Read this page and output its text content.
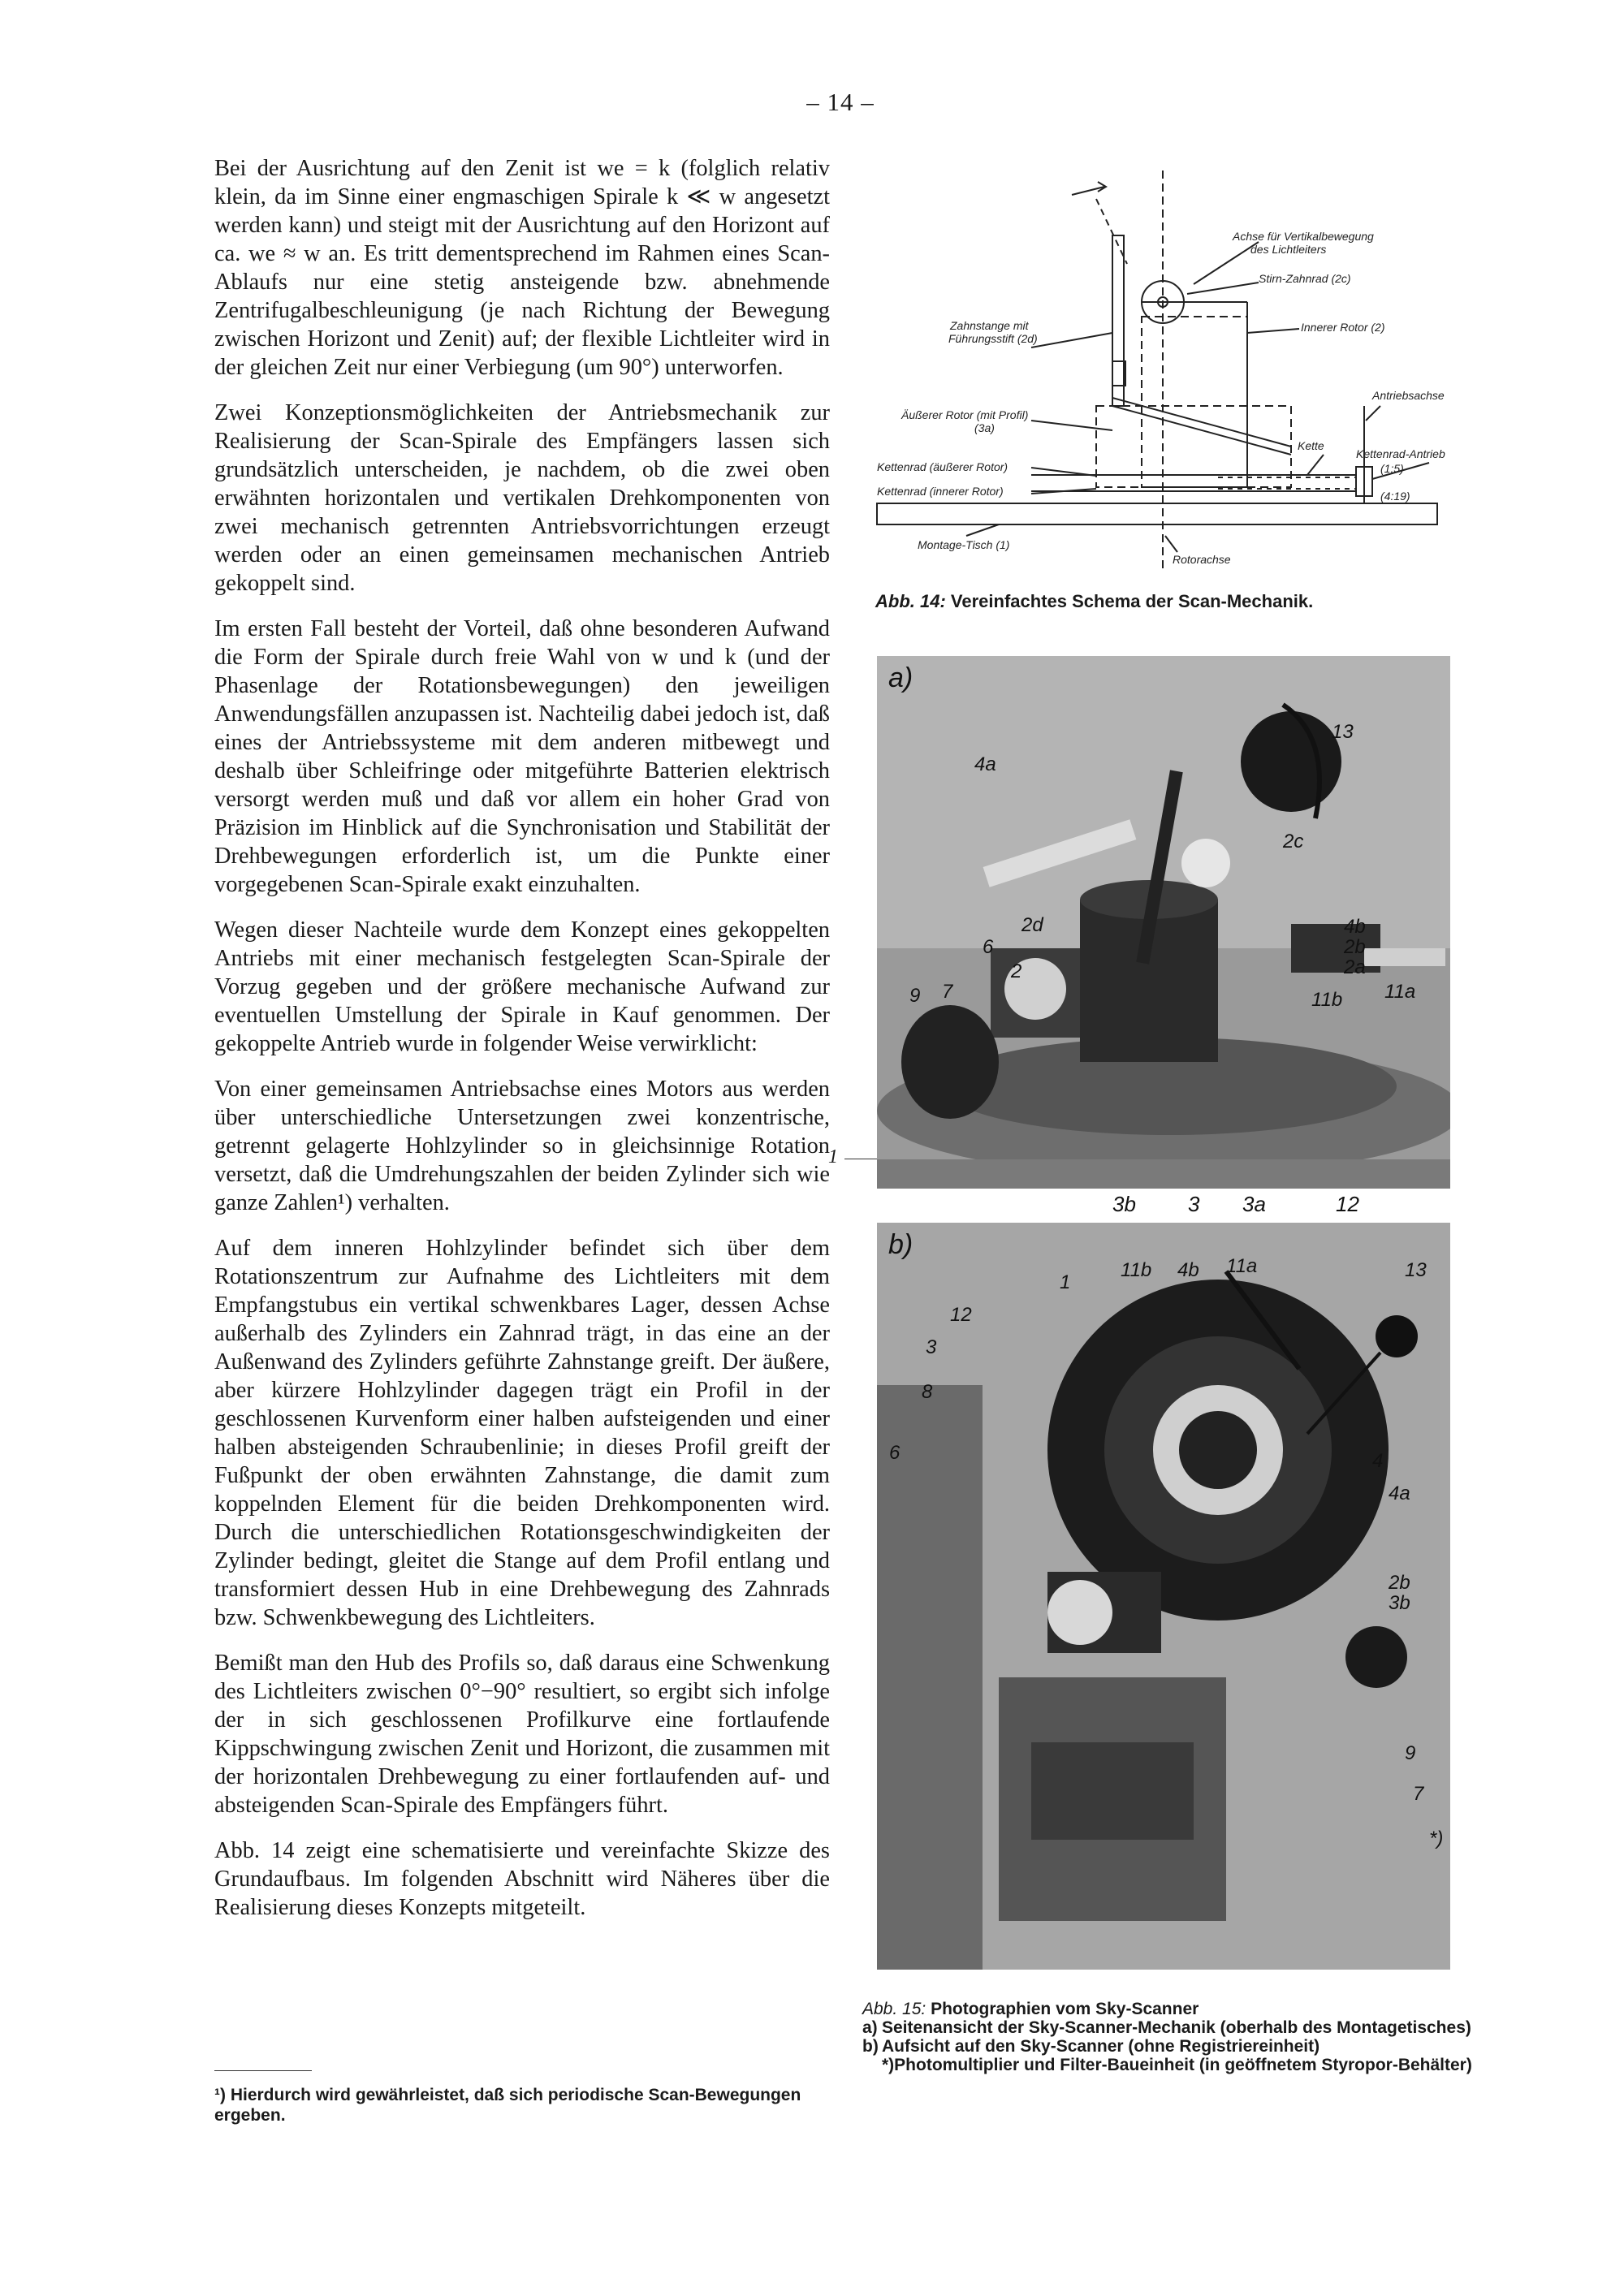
– 14 –

Bei der Ausrichtung auf den Zenit ist we = k (folglich relativ klein, da im Sinne einer engmaschigen Spirale k ≪ w angesetzt werden kann) und steigt mit der Ausrichtung auf den Horizont auf ca. we ≈ w an. Es tritt dementsprechend im Rahmen eines Scan-Ablaufs nur eine stetig ansteigende bzw. abnehmende Zentrifugalbeschleunigung (je nach Richtung der Bewegung zwischen Horizont und Zenit) auf; der flexible Lichtleiter wird in der gleichen Zeit nur einer Verbiegung (um 90°) unterworfen.

Zwei Konzeptionsmöglichkeiten der Antriebsmechanik zur Realisierung der Scan-Spirale des Empfängers lassen sich grundsätzlich unterscheiden, je nachdem, ob die zwei oben erwähnten horizontalen und vertikalen Drehkomponenten von zwei mechanisch getrennten Antriebsvorrichtungen erzeugt werden oder an einen gemeinsamen mechanischen Antrieb gekoppelt sind.

Im ersten Fall besteht der Vorteil, daß ohne besonderen Aufwand die Form der Spirale durch freie Wahl von w und k (und der Phasenlage der Rotationsbewegungen) den jeweiligen Anwendungsfällen anzupassen ist. Nachteilig dabei jedoch ist, daß eines der Antriebssysteme mit dem anderen mitbewegt und deshalb über Schleifringe oder mitgeführte Batterien elektrisch versorgt werden muß und daß vor allem ein hoher Grad von Präzision im Hinblick auf die Synchronisation und Stabilität der Drehbewegungen erforderlich ist, um die Punkte einer vorgegebenen Scan-Spirale exakt einzuhalten.

Wegen dieser Nachteile wurde dem Konzept eines gekoppelten Antriebs mit einer mechanisch festgelegten Scan-Spirale der Vorzug gegeben und der größere mechanische Aufwand zur eventuellen Umstellung der Spirale in Kauf genommen. Der gekoppelte Antrieb wurde in folgender Weise verwirklicht:

Von einer gemeinsamen Antriebsachse eines Motors aus werden über unterschiedliche Untersetzungen zwei konzentrische, getrennt gelagerte Hohlzylinder so in gleichsinnige Rotation versetzt, daß die Umdrehungszahlen der beiden Zylinder sich wie ganze Zahlen¹) verhalten.

Auf dem inneren Hohlzylinder befindet sich über dem Rotationszentrum zur Aufnahme des Lichtleiters mit dem Empfangstubus ein vertikal schwenkbares Lager, dessen Achse außerhalb des Zylinders ein Zahnrad trägt, in das eine an der Außenwand des Zylinders geführte Zahnstange greift. Der äußere, aber kürzere Hohlzylinder dagegen trägt ein Profil in der geschlossenen Kurvenform einer halben aufsteigenden und einer halben absteigenden Schraubenlinie; in dieses Profil greift der Fußpunkt der oben erwähnten Zahnstange, die damit zum koppelnden Element für die beiden Drehkomponenten wird. Durch die unterschiedlichen Rotationsgeschwindigkeiten der Zylinder bedingt, gleitet die Stange auf dem Profil entlang und transformiert dessen Hub in eine Drehbewegung des Zahnrads bzw. Schwenkbewegung des Lichtleiters.

Bemißt man den Hub des Profils so, daß daraus eine Schwenkung des Lichtleiters zwischen 0°−90° resultiert, so ergibt sich infolge der in sich geschlossenen Profilkurve eine fortlaufende Kippschwingung zwischen Zenit und Horizont, die zusammen mit der horizontalen Drehbewegung zu einer fortlaufenden auf- und absteigenden Scan-Spirale des Empfängers führt.

Abb. 14 zeigt eine schematisierte und vereinfachte Skizze des Grundaufbaus. Im folgenden Abschnitt wird Näheres über die Realisierung dieses Konzepts mitgeteilt.

1
¹) Hierdurch wird gewährleistet, daß sich periodische Scan-Bewegungen ergeben.
Achse für Vertikalbewegung
des Lichtleiters
Stirn-Zahnrad (2c)
Zahnstange mit
Führungsstift (2d)
Innerer Rotor (2)
Antriebsachse
Äußerer Rotor (mit Profil)
(3a)
Kette
Kettenrad-Antrieb
(1:5)
(4:19)
Kettenrad (äußerer Rotor)
Kettenrad (innerer Rotor)
Montage-Tisch (1)
Rotorachse
Abb. 14: Vereinfachtes Schema der Scan-Mechanik.
a)
4a
13
2c
2d
6
2
4b
2b
2a
9 7	11b 11a
3b 3 3a	12
b)
1
11b 4b 11a	13
12
3
8
6	4
4a
2b
3b
9
7
*)
Abb. 15: Photographien vom Sky-Scanner
a) Seitenansicht der Sky-Scanner-Mechanik (oberhalb des Montagetisches)
b) Aufsicht auf den Sky-Scanner (ohne Registriereinheit)
*)Photomultiplier und Filter-Baueinheit (in geöffnetem Styropor-Behälter)
